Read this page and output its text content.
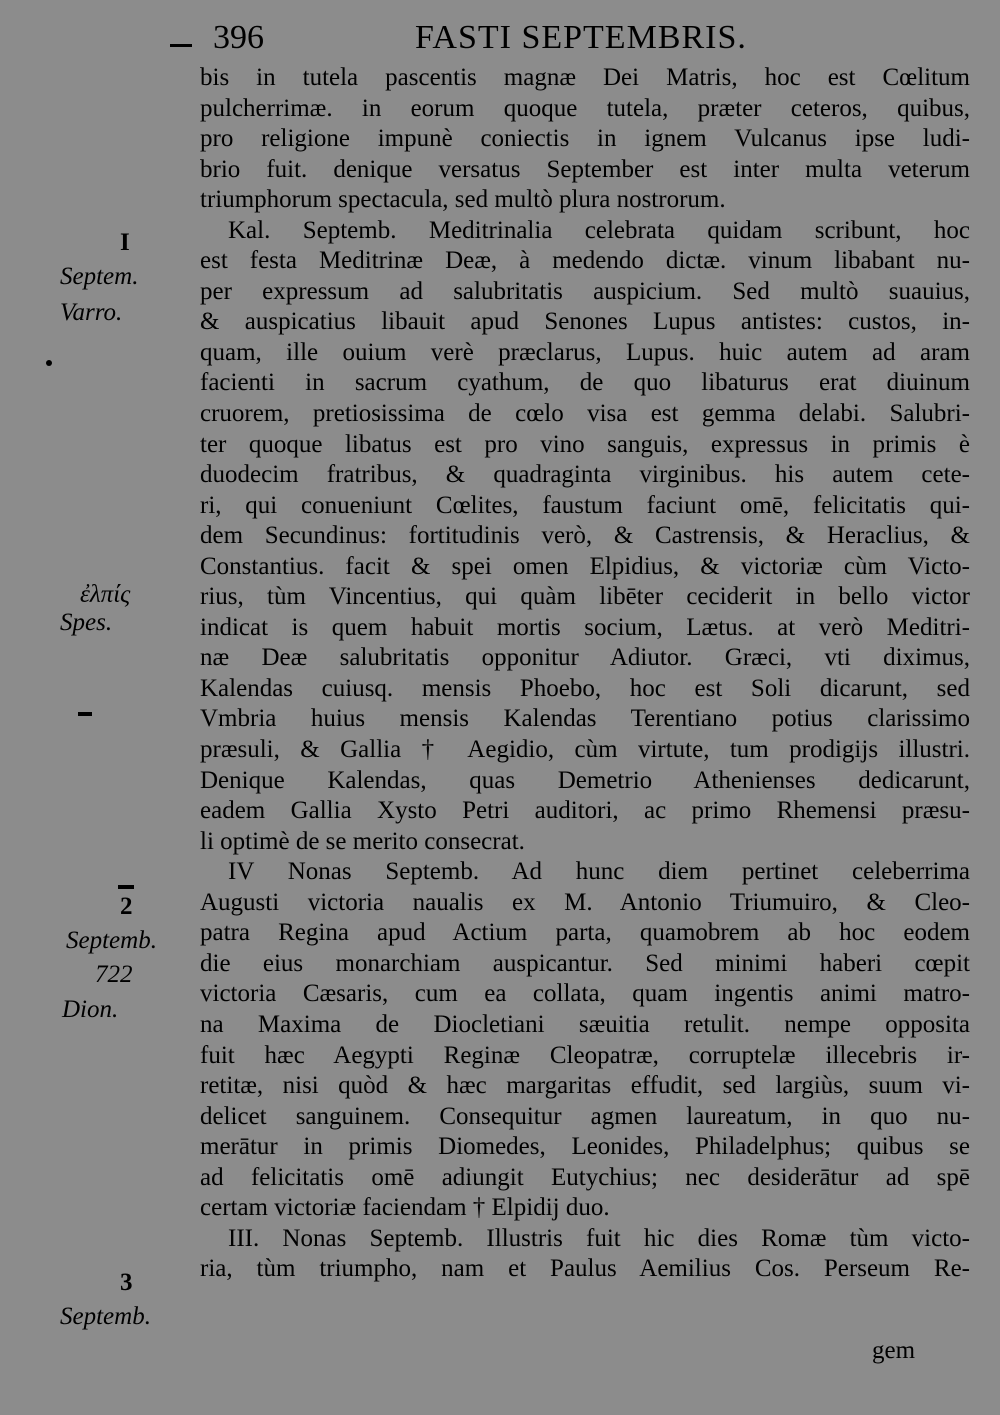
396	FASTI SEPTEMBRIS.
I
Septem.
Varro.
ἐλπίς
Spes.
2
Septemb.
722
Dion.
3
Septemb.
bis in tutela pascentis magnæ Dei Matris, hoc est Cœlitum
pulcherrimæ. in eorum quoque tutela, præter ceteros, quibus,
pro religione impunè coniectis in ignem Vulcanus ipse ludi-
brio fuit. denique versatus September est inter multa veterum
triumphorum spectacula, sed multò plura nostrorum.
Kal. Septemb. Meditrinalia celebrata quidam scribunt, hoc
est festa Meditrinæ Deæ, à medendo dictæ. vinum libabant nu-
per expressum ad salubritatis auspicium. Sed multò suauius,
& auspicatius libauit apud Senones Lupus antistes: custos, in-
quam, ille ouium verè præclarus, Lupus. huic autem ad aram
facienti in sacrum cyathum, de quo libaturus erat diuinum
cruorem, pretiosissima de cœlo visa est gemma delabi. Salubri-
ter quoque libatus est pro vino sanguis, expressus in primis è
duodecim fratribus, & quadraginta virginibus. his autem cete-
ri, qui conueniunt Cœlites, faustum faciunt omē, felicitatis qui-
dem Secundinus: fortitudinis verò, & Castrensis, & Heraclius, &
Constantius. facit & spei omen Elpidius, & victoriæ cùm Victo-
rius, tùm Vincentius, qui quàm libēter ceciderit in bello victor
indicat is quem habuit mortis socium, Lætus. at verò Meditri-
næ Deæ salubritatis opponitur Adiutor. Græci, vti diximus,
Kalendas cuiusq. mensis Phoebo, hoc est Soli dicarunt, sed
Vmbria huius mensis Kalendas Terentiano potius clarissimo
præsuli, & Gallia † Aegidio, cùm virtute, tum prodigijs illustri.
Denique Kalendas, quas Demetrio Athenienses dedicarunt,
eadem Gallia Xysto Petri auditori, ac primo Rhemensi præsu-
li optimè de se merito consecrat.
IV Nonas Septemb. Ad hunc diem pertinet celeberrima
Augusti victoria naualis ex M. Antonio Triumuiro, & Cleo-
patra Regina apud Actium parta, quamobrem ab hoc eodem
die eius monarchiam auspicantur. Sed minimi haberi cœpit
victoria Cæsaris, cum ea collata, quam ingentis animi matro-
na Maxima de Diocletiani sæuitia retulit. nempe opposita
fuit hæc Aegypti Reginæ Cleopatræ, corruptelæ illecebris ir-
retitæ, nisi quòd & hæc margaritas effudit, sed largiùs, suum vi-
delicet sanguinem. Consequitur agmen laureatum, in quo nu-
merātur in primis Diomedes, Leonides, Philadelphus; quibus se
ad felicitatis omē adiungit Eutychius; nec desiderātur ad spē
certam victoriæ faciendam † Elpidij duo.
III. Nonas Septemb. Illustris fuit hic dies Romæ tùm victo-
ria, tùm triumpho, nam et Paulus Aemilius Cos. Perseum Re-
gem
